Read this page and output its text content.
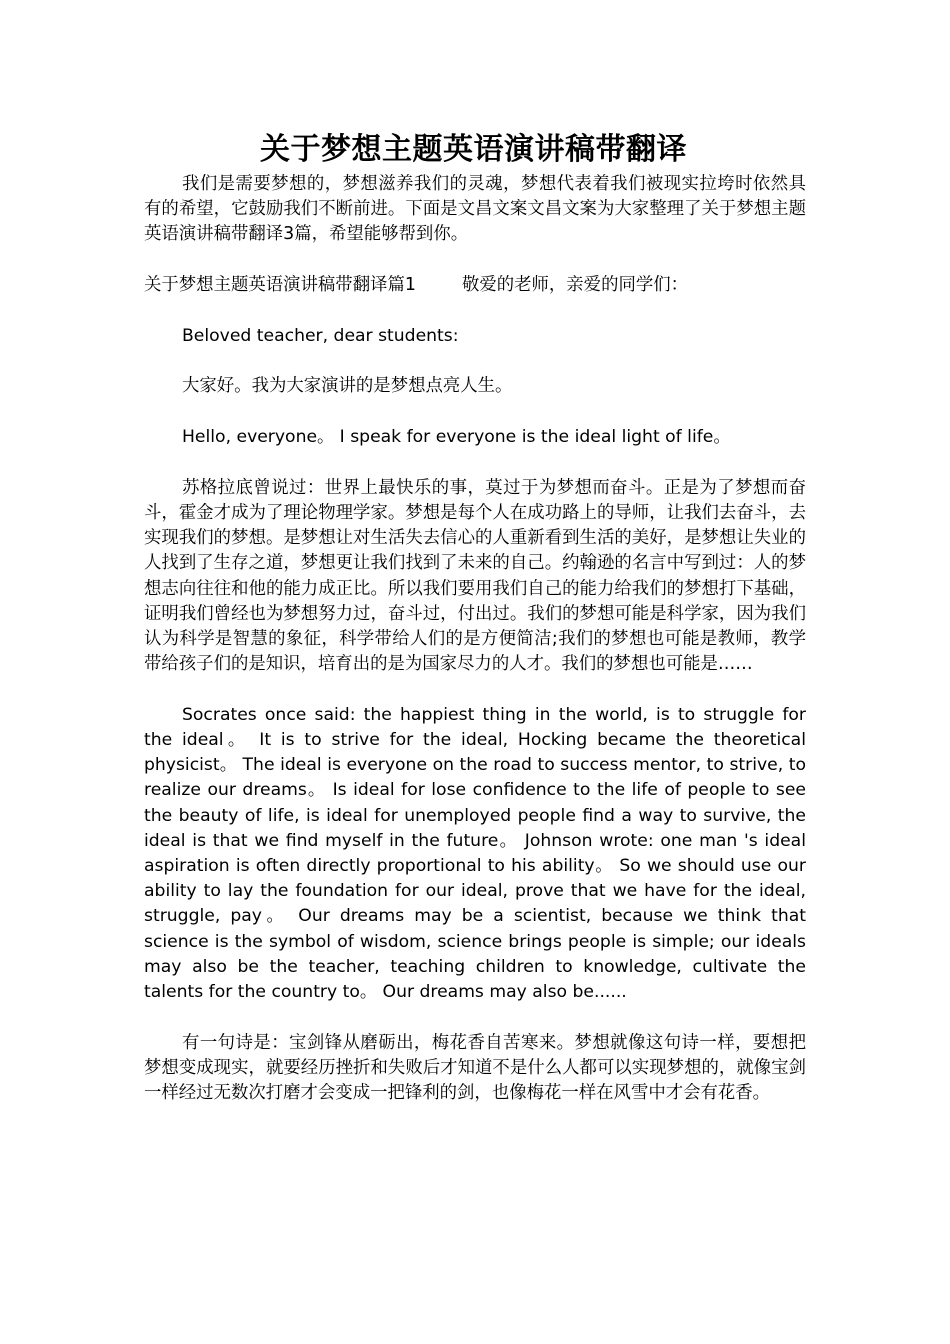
关于梦想主题英语演讲稿带翻译

我们是需要梦想的，梦想滋养我们的灵魂，梦想代表着我们被现实拉垮时依然具有的希望，它鼓励我们不断前进。下面是文昌文案文昌文案为大家整理了关于梦想主题英语演讲稿带翻译3篇，希望能够帮到你。

关于梦想主题英语演讲稿带翻译篇1	敬爱的老师，亲爱的同学们：

Beloved teacher, dear students:

大家好。我为大家演讲的是梦想点亮人生。

Hello, everyone。 I speak for everyone is the ideal light of life。

苏格拉底曾说过：世界上最快乐的事，莫过于为梦想而奋斗。正是为了梦想而奋斗，霍金才成为了理论物理学家。梦想是每个人在成功路上的导师，让我们去奋斗，去实现我们的梦想。是梦想让对生活失去信心的人重新看到生活的美好，是梦想让失业的人找到了生存之道，梦想更让我们找到了未来的自己。约翰逊的名言中写到过：人的梦想志向往往和他的能力成正比。所以我们要用我们自己的能力给我们的梦想打下基础，证明我们曾经也为梦想努力过，奋斗过，付出过。我们的梦想可能是科学家，因为我们认为科学是智慧的象征，科学带给人们的是方便简洁;我们的梦想也可能是教师，教学带给孩子们的是知识，培育出的是为国家尽力的人才。我们的梦想也可能是……

Socrates once said: the happiest thing in the world, is to struggle for the ideal。 It is to strive for the ideal, Hocking became the theoretical physicist。 The ideal is everyone on the road to success mentor, to strive, to realize our dreams。 Is ideal for lose confidence to the life of people to see the beauty of life, is ideal for unemployed people find a way to survive, the ideal is that we find myself in the future。 Johnson wrote: one man 's ideal aspiration is often directly proportional to his ability。 So we should use our ability to lay the foundation for our ideal, prove that we have for the ideal, struggle, pay。 Our dreams may be a scientist, because we think that science is the symbol of wisdom, science brings people is simple; our ideals may also be the teacher, teaching children to knowledge, cultivate the talents for the country to。 Our dreams may also be......

有一句诗是：宝剑锋从磨砺出，梅花香自苦寒来。梦想就像这句诗一样，要想把梦想变成现实，就要经历挫折和失败后才知道不是什么人都可以实现梦想的，就像宝剑一样经过无数次打磨才会变成一把锋利的剑，也像梅花一样在风雪中才会有花香。
